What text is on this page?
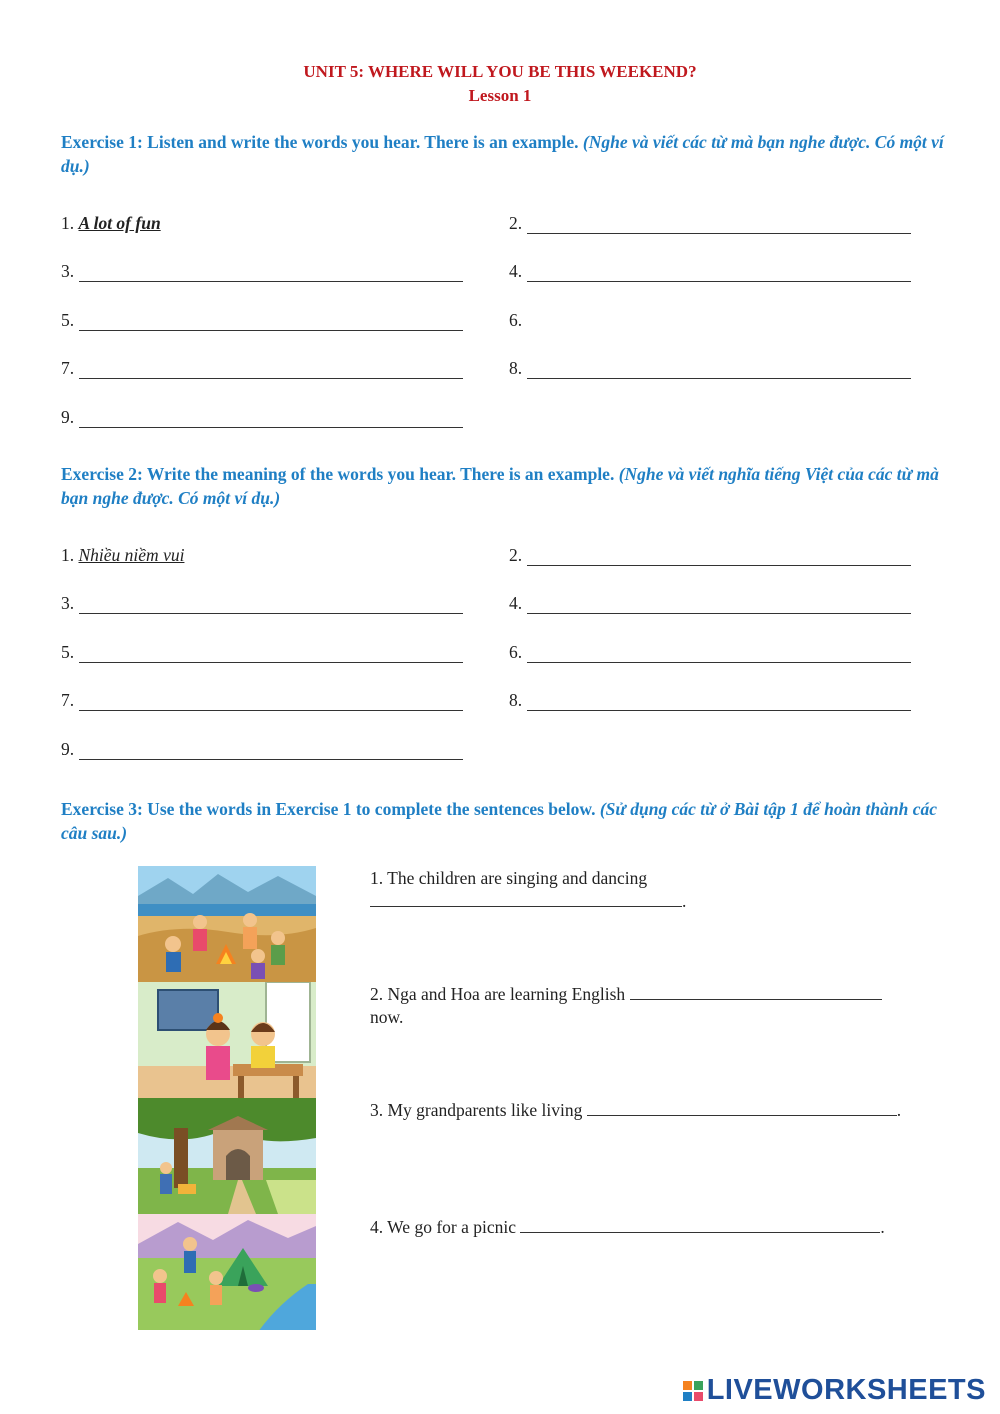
UNIT 5: WHERE WILL YOU BE THIS WEEKEND?
Lesson 1
Exercise 1: Listen and write the words you hear. There is an example. (Nghe và viết các từ mà bạn nghe được. Có một ví dụ.)
1. A lot of fun	2.
3.	4.
5.	6.
7.	8.
9.
Exercise 2: Write the meaning of the words you hear. There is an example. (Nghe và viết nghĩa tiếng Việt của các từ mà bạn nghe được. Có một ví dụ.)
1. Nhiều niềm vui	2.
3.	4.
5.	6.
7.	8.
9.
Exercise 3: Use the words in Exercise 1 to complete the sentences below. (Sử dụng các từ ở Bài tập 1 để hoàn thành các câu sau.)
1. The children are singing and dancing
.
2. Nga and Hoa are learning English
now.
3. My grandparents like living	.
4. We go for a picnic	.
LIVEWORKSHEETS
